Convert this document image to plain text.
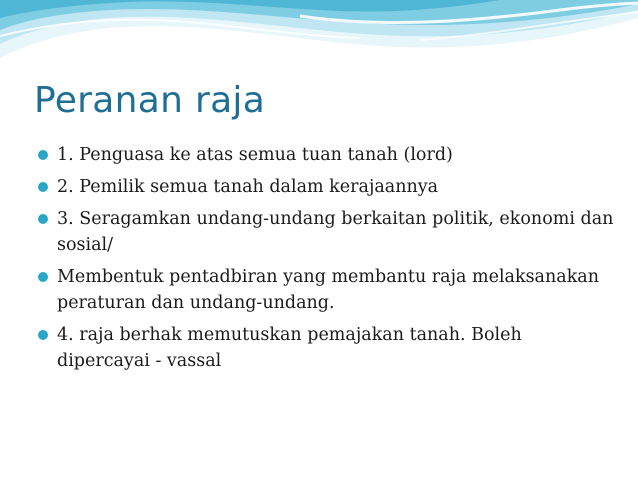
Peranan raja
1. Penguasa ke atas semua tuan tanah (lord)
2. Pemilik semua tanah dalam kerajaannya
3. Seragamkan undang-undang berkaitan politik, ekonomi dan sosial/
Membentuk pentadbiran yang membantu raja melaksanakan peraturan dan undang-undang.
4. raja berhak memutuskan pemajakan tanah. Boleh dipercayai - vassal
